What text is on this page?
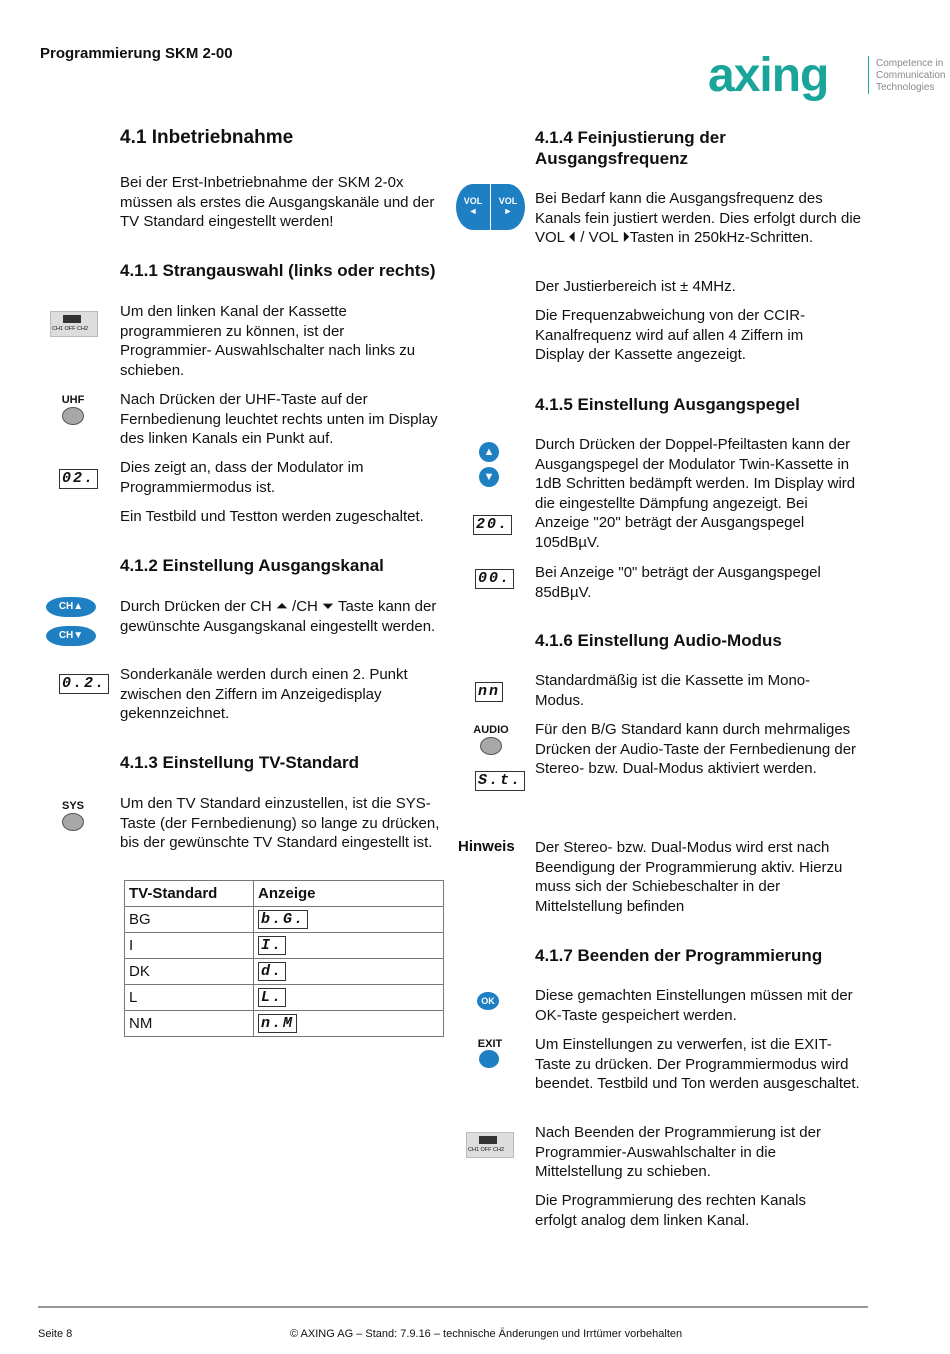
Programmierung SKM 2-00	axing	Competence in
Communication
Technologies
4.1 Inbetriebnahme

Bei der Erst-Inbetriebnahme der SKM 2-0x müssen als erstes die Ausgangskanäle und der TV Standard eingestellt werden!

4.1.1 Strangauswahl (links oder rechts)
CH1 OFF CH2

Um den linken Kanal der Kassette programmieren zu können, ist der Programmier- Auswahlschalter nach links zu schieben.

UHF Nach Drücken der UHF-Taste auf der Fernbedienung leuchtet rechts unten im Display des linken Kanals ein Punkt auf.

02.

Dies zeigt an, dass der Modulator im Programmiermodus ist.

Ein Testbild und Testton werden zugeschaltet.

4.1.2 Einstellung Ausgangskanal
CH▲
CH▼

Durch Drücken der CH ⏶ /CH ⏷ Taste kann der gewünschte Ausgangskanal eingestellt werden.

0.2.

Sonderkanäle werden durch einen 2. Punkt zwischen den Ziffern im Anzeigedisplay gekennzeichnet.

4.1.3 Einstellung TV-Standard
SYS Um den TV Standard einzustellen, ist die SYS-Taste (der Fernbedienung) so lange zu drücken, bis der gewünschte TV Standard eingestellt ist.

TV-Standard	Anzeige
BG	b.G.
I	I.
DK	d.
L	L.
NM	n.M
4.1.4 Feinjustierung der Ausgangsfrequenz
VOL
◄
VOL
►

Bei Bedarf kann die Ausgangsfrequenz des Kanals fein justiert werden. Dies erfolgt durch die VOL ⏴ / VOL ⏵Tasten in 250kHz-Schritten.

Der Justierbereich ist ± 4MHz.

Die Frequenzabweichung von der CCIR-Kanalfrequenz wird auf allen 4 Ziffern im Display der Kassette angezeigt.

4.1.5 Einstellung Ausgangspegel
▲
▼

Durch Drücken der Doppel-Pfeiltasten kann der Ausgangspegel der Modulator Twin-Kassette in 1dB Schritten bedämpft werden. Im Display wird die eingestellte Dämpfung angezeigt. Bei Anzeige "20" beträgt der Ausgangspegel 105dBµV.

20.
00. Bei Anzeige "0" beträgt der Ausgangspegel 85dBµV.

4.1.6 Einstellung Audio-Modus
nn

Standardmäßig ist die Kassette im Mono-Modus.

AUDIO
S.t.

Für den B/G Standard kann durch mehrmaliges Drücken der Audio-Taste der Fernbedienung der Stereo- bzw. Dual-Modus aktiviert werden.

Hinweis Der Stereo- bzw. Dual-Modus wird erst nach Beendigung der Programmierung aktiv. Hierzu muss sich der Schiebeschalter in der Mittelstellung befinden

4.1.7 Beenden der Programmierung
OK	Diese gemachten Einstellungen müssen mit der OK-Taste gespeichert werden.

EXIT	Um Einstellungen zu verwerfen, ist die EXIT-Taste zu drücken. Der Programmiermodus wird beendet. Testbild und Ton werden ausgeschaltet.

CH1 OFF CH2

Nach Beenden der Programmierung ist der Programmier-Auswahlschalter in die Mittelstellung zu schieben.

Die Programmierung des rechten Kanals erfolgt analog dem linken Kanal.

Seite 8	© AXING AG – Stand: 7.9.16 – technische Änderungen und Irrtümer vorbehalten
